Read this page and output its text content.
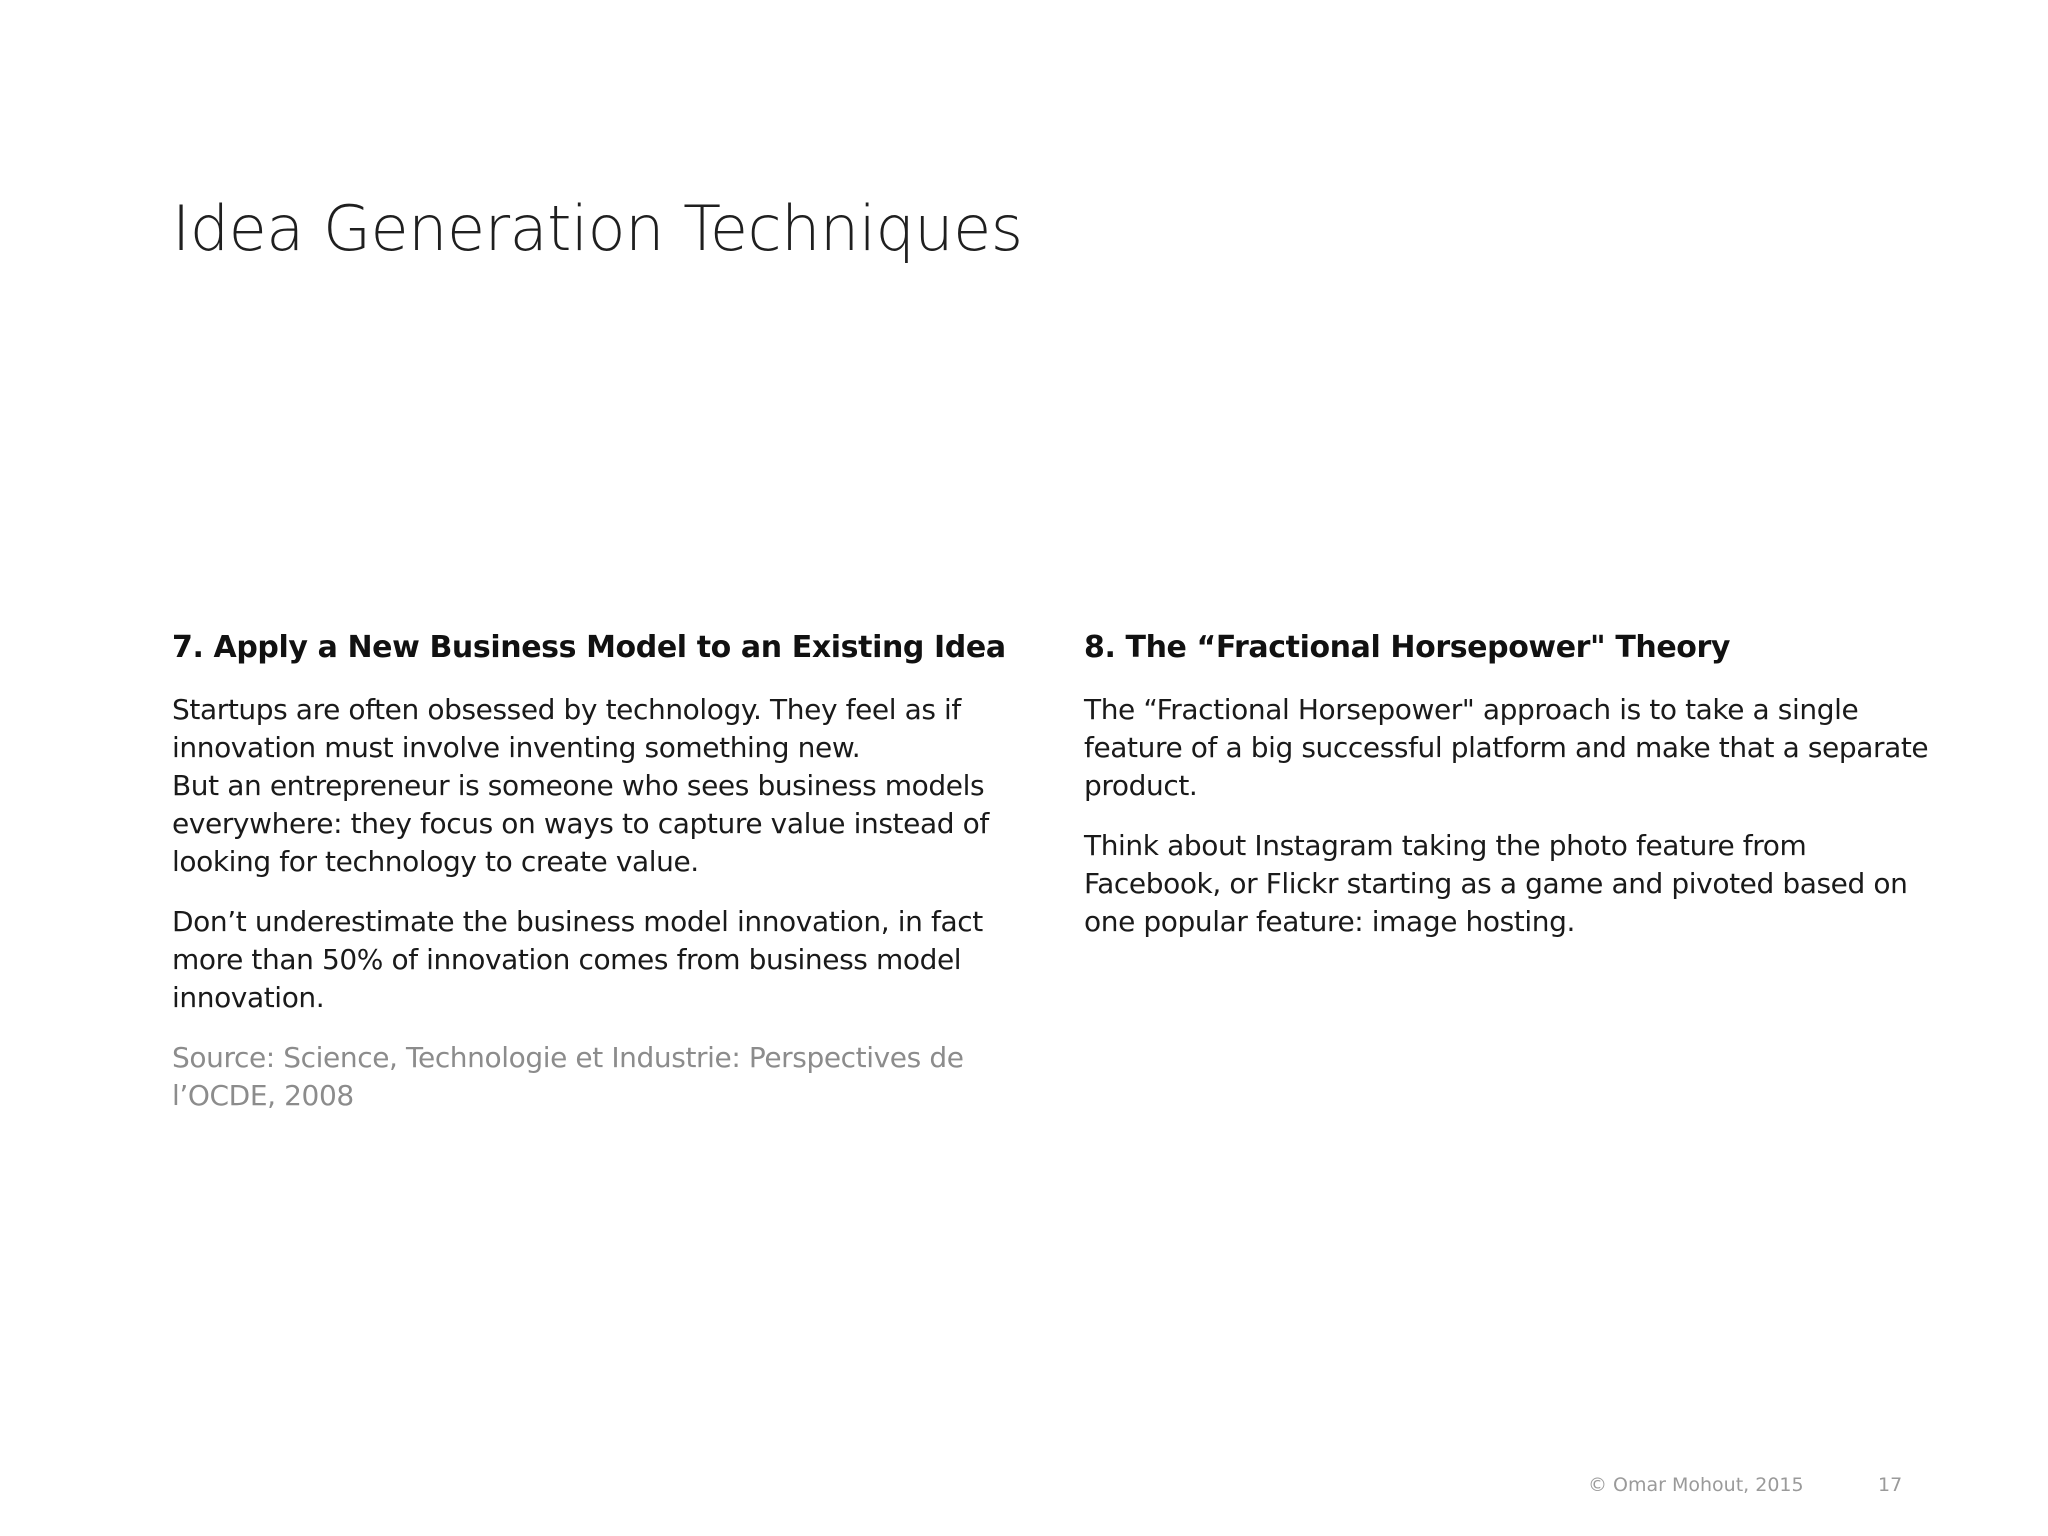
Idea Generation Techniques
7. Apply a New Business Model to an Existing Idea

Startups are often obsessed by technology. They feel as if
innovation must involve inventing something new.
But an entrepreneur is someone who sees business models
everywhere: they focus on ways to capture value instead of
looking for technology to create value.

Don’t underestimate the business model innovation, in fact
more than 50% of innovation comes from business model
innovation.

Source: Science, Technologie et Industrie: Perspectives de
l’OCDE, 2008

8. The “Fractional Horsepower" Theory

The “Fractional Horsepower" approach is to take a single
feature of a big successful platform and make that a separate
product.

Think about Instagram taking the photo feature from
Facebook, or Flickr starting as a game and pivoted based on
one popular feature: image hosting.

© Omar Mohout, 2015	17
